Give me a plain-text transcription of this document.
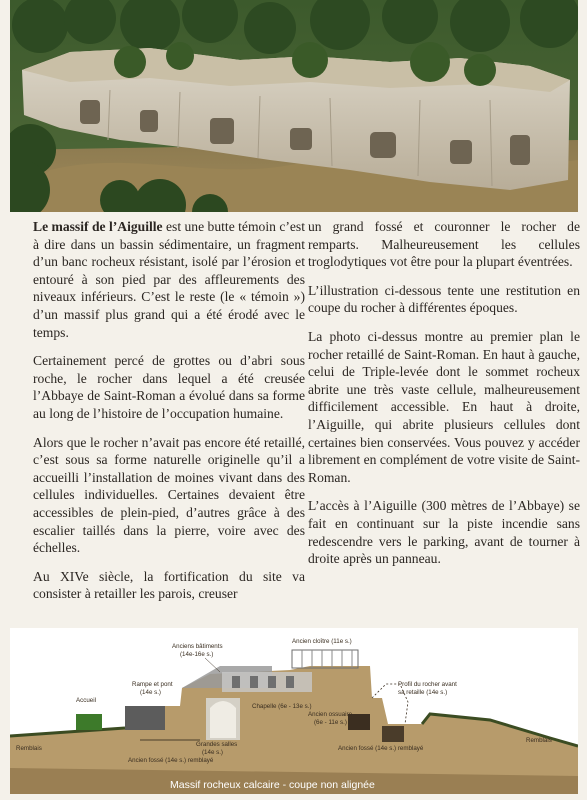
Le massif de l’Aiguille est une butte témoin c’est à dire dans un bassin sédimentaire, un fragment d’un banc rocheux résistant, isolé par l’érosion et entouré à son pied par des affleurements des niveaux inférieurs. C’est le reste (le « témoin ») d’un massif plus grand qui a été érodé avec le temps.

Certainement percé de grottes ou d’abri sous roche, le rocher dans lequel a été creusée l’Abbaye de Saint-Roman a évolué dans sa forme au long de l’histoire de l’occupation humaine.

Alors que le rocher n’avait pas encore été retaillé, c’est sous sa forme naturelle originelle qu’il a accueilli l’installation de moines vivant dans des cellules individuelles. Certaines devaient être accessibles de plein-pied, d’autres grâce à des escalier taillés dans la pierre, voire avec des échelles.

Au XIVe siècle, la fortification du site va consister à retailler les parois, creuser

un grand fossé et couronner le rocher de remparts. Malheureusement les cellules troglodytiques vot être pour la plupart éventrées.

L’illustration ci-dessous tente une restitution en coupe du rocher à différentes époques.

La photo ci-dessus montre au premier plan le rocher retaillé de Saint-Roman. En haut à gauche, celui de Triple-levée dont le sommet rocheux abrite une très vaste cellule, malheureusement difficilement accessible. En haut à droite, l’Aiguille, qui abrite plusieurs cellules dont certaines bien conservées. Vous pouvez y accéder librement en complément de votre visite de Saint-Roman.

L’accès à l’Aiguille (300 mètres de l’Abbaye) se fait en continuant sur la piste incendie sans redescendre vers le parking, avant de tourner à droite après un panneau.

Anciens bâtiments
(14e-16e s.)
Ancien cloître (11e s.)
Rampe et pont
(14e s.)
Accueil
Profil du rocher avant
sa retaille (14e s.)
Chapelle (6e - 13e s.)
Ancien ossuaire
(6e - 11e s.)
Grandes salles
(14e s.)
Ancien fossé (14e s.) remblayé
Ancien fossé (14e s.) remblayé
Remblais
Remblais
Massif rocheux calcaire - coupe non alignée
